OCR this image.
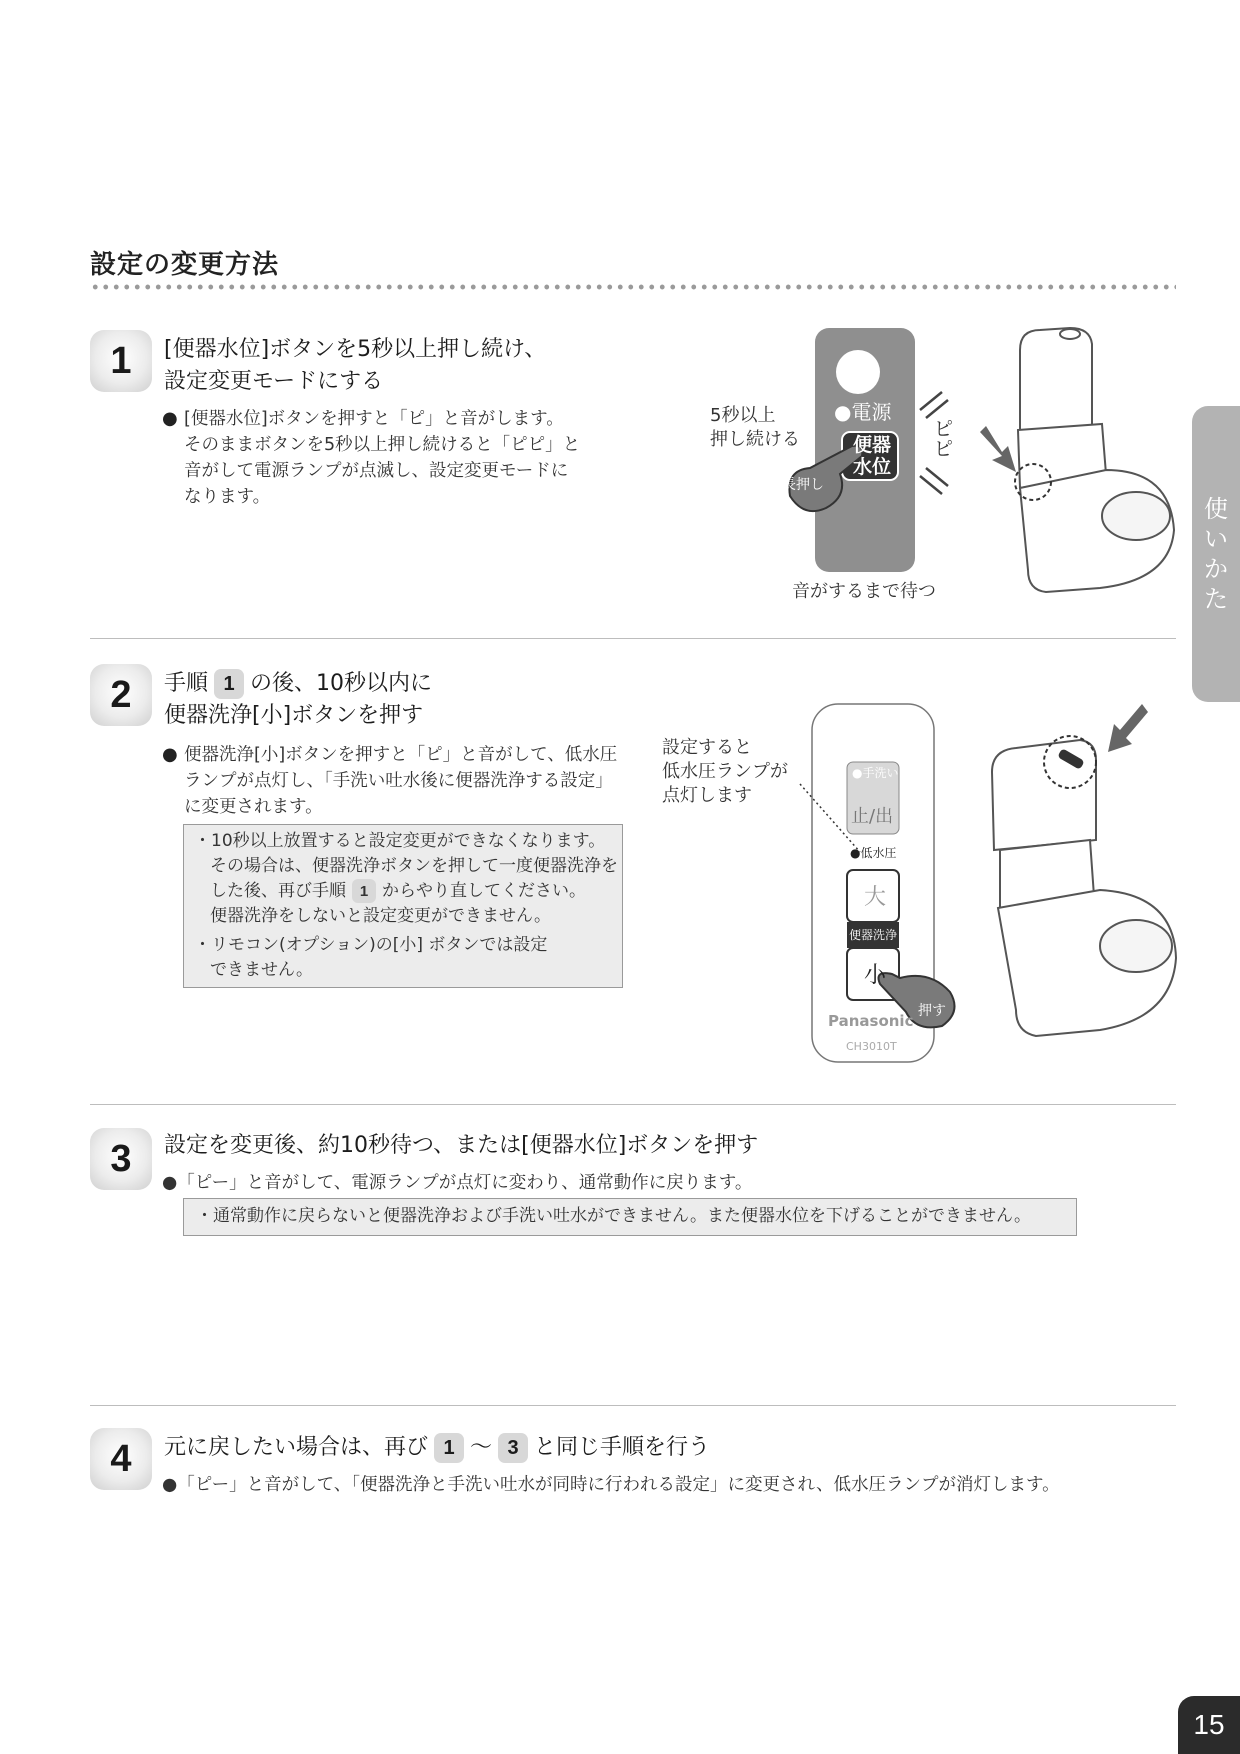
設定の変更方法
使
い
か
た
1	[便器水位]ボタンを5秒以上押し続け、
設定変更モードにする
● [便器水位]ボタンを押すと「ピ」と音がします。
そのままボタンを5秒以上押し続けると「ピピ」と
音がして電源ランプが点滅し、設定変更モードに
なります。
5秒以上
押し続ける	便器
水位
●電源
長押し
ピピ
音がするまで待つ
2	手順 1 の後、10秒以内に
便器洗浄[小]ボタンを押す
● 便器洗浄[小]ボタンを押すと「ピ」と音がして、低水圧
ランプが点灯し、「手洗い吐水後に便器洗浄する設定」
に変更されます。
・10秒以上放置すると設定変更ができなくなります。
その場合は、便器洗浄ボタンを押して一度便器洗浄を
した後、再び手順 1 からやり直してください。
便器洗浄をしないと設定変更ができません。
・リモコン(オプション)の[小] ボタンでは設定
できません。
設定すると
低水圧ランプが
点灯します
●手洗い
止/出
●低水圧
大
便器洗浄
小
押す
Panasonic
CH3010T
3	設定を変更後、約10秒待つ、または[便器水位]ボタンを押す
●「ピー」と音がして、電源ランプが点灯に変わり、通常動作に戻ります。
・通常動作に戻らないと便器洗浄および手洗い吐水ができません。また便器水位を下げることができません。
4	元に戻したい場合は、再び 1 ～ 3 と同じ手順を行う
●「ピー」と音がして、「便器洗浄と手洗い吐水が同時に行われる設定」に変更され、低水圧ランプが消灯します。
15
